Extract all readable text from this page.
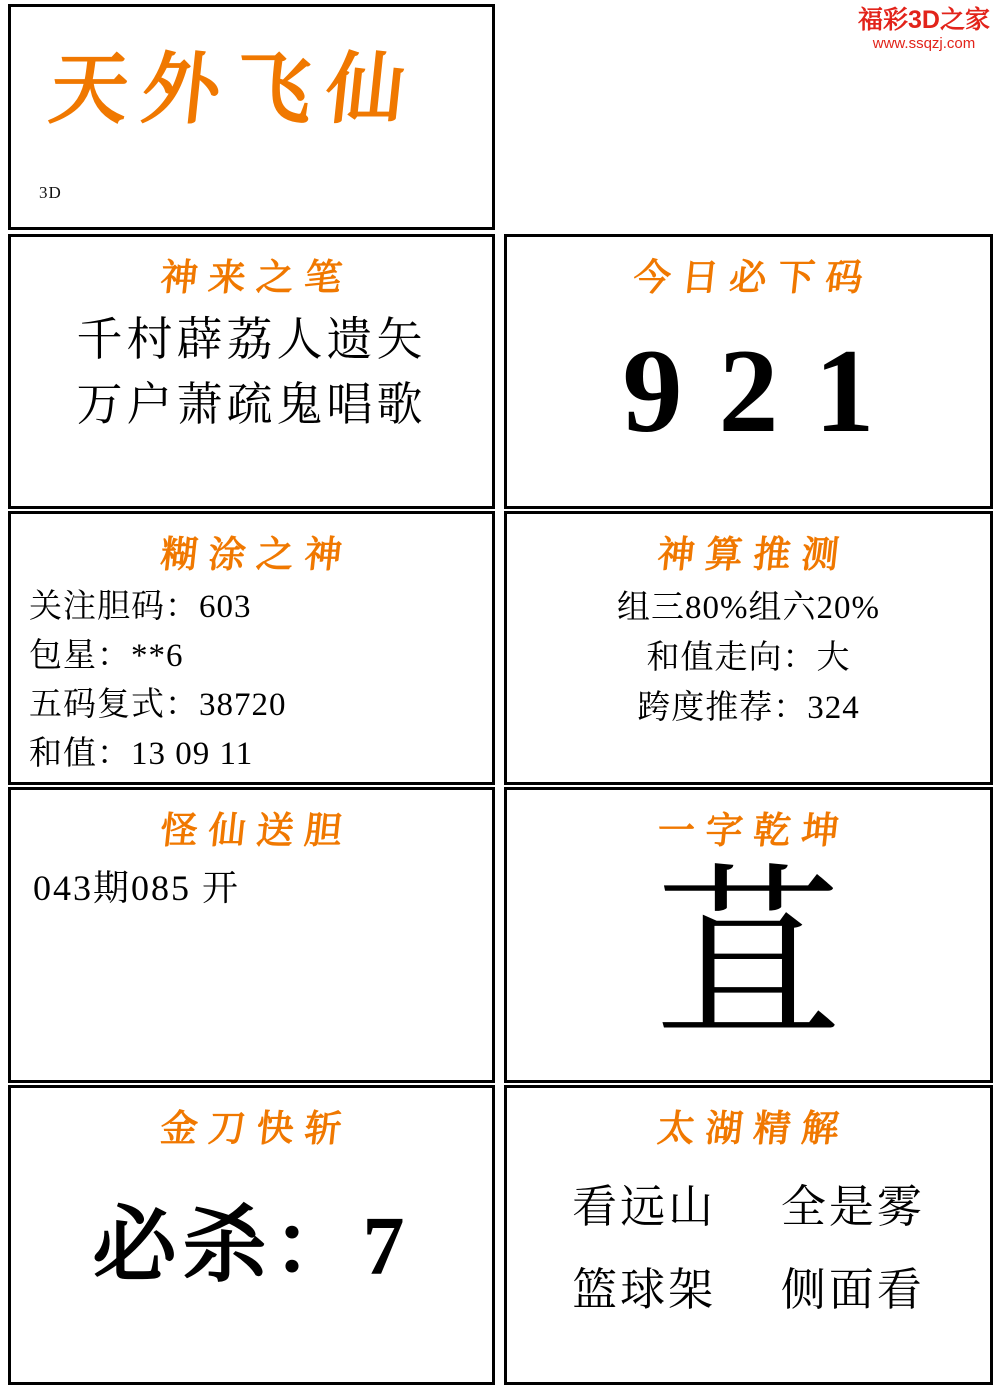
福彩3D之家
www.ssqzj.com
天外飞仙
3D
神来之笔
千村薜荔人遗矢
万户萧疏鬼唱歌
今日必下码
921
糊涂之神
关注胆码：603
包星：**6
五码复式：38720
和值：13 09 11
神算推测
组三80%组六20%
和值走向：大
跨度推荐：324
怪仙送胆
043期085 开
一字乾坤
苴
金刀快斩
必杀：7
太湖精解
看远山 全是雾
篮球架 侧面看
